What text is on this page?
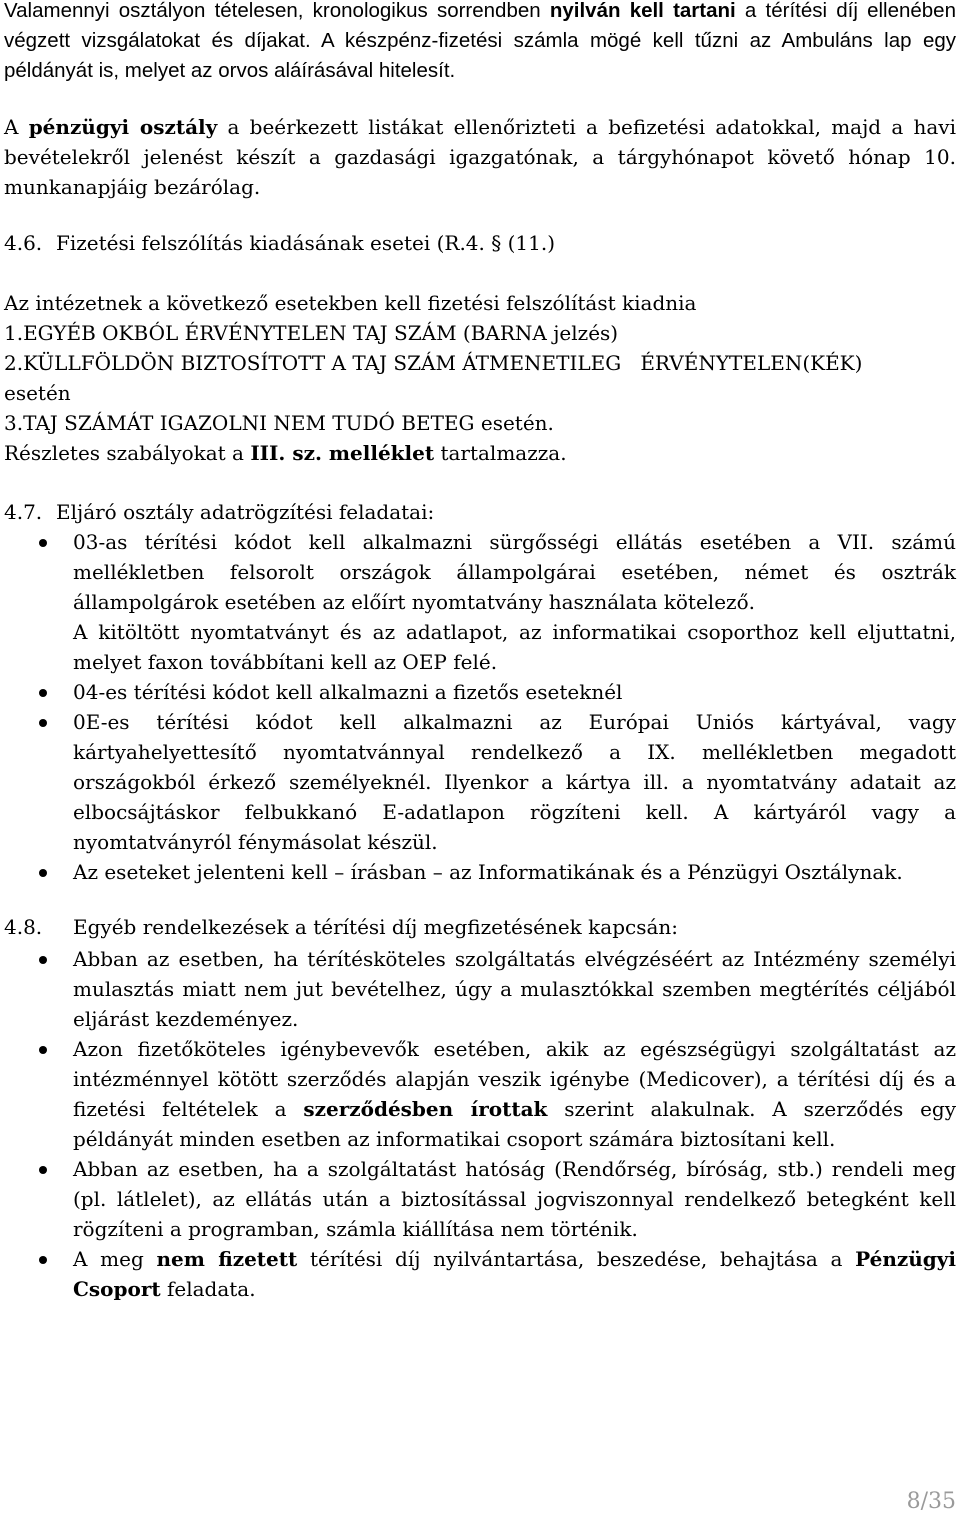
Valamennyi osztályon tételesen, kronologikus sorrendben nyilván kell tartani a térítési díj ellenében végzett vizsgálatokat és díjakat. A készpénz-fizetési számla mögé kell tűzni az Ambuláns lap egy példányát is, melyet az orvos aláírásával hitelesít.
A pénzügyi osztály a beérkezett listákat ellenőrizteti a befizetési adatokkal, majd a havi bevételekről jelenést készít a gazdasági igazgatónak, a tárgyhónapot követő hónap 10. munkanapjáig bezárólag.
4.6. Fizetési felszólítás kiadásának esetei (R.4. § (11.)
Az intézetnek a következő esetekben kell fizetési felszólítást kiadnia
1.EGYÉB OKBÓL ÉRVÉNYTELEN TAJ SZÁM (BARNA jelzés)
2.KÜLLFÖLDÖN BIZTOSÍTOTT A TAJ SZÁM ÁTMENETILEG   ÉRVÉNYTELEN(KÉK)
esetén
3.TAJ SZÁMÁT IGAZOLNI NEM TUDÓ BETEG esetén.
Részletes szabályokat a III. sz. melléklet tartalmazza.
4.7. Eljáró osztály adatrögzítési feladatai:

03-as térítési kódot kell alkalmazni sürgősségi ellátás esetében a VII. számú mellékletben felsorolt országok állampolgárai esetében, német és osztrák állampolgárok esetében az előírt nyomtatvány használata kötelező.

A kitöltött nyomtatványt és az adatlapot, az informatikai csoporthoz kell eljuttatni, melyet faxon továbbítani kell az OEP felé.

04-es térítési kódot kell alkalmazni a fizetős eseteknél

0E-es térítési kódot kell alkalmazni az Európai Uniós kártyával, vagy kártyahelyettesítő nyomtatvánnyal rendelkező a IX. mellékletben megadott országokból érkező személyeknél. Ilyenkor a kártya ill. a nyomtatvány adatait az elbocsájtáskor felbukkanó E-adatlapon rögzíteni kell. A kártyáról vagy a nyomtatványról fénymásolat készül.

Az eseteket jelenteni kell – írásban – az Informatikának és a Pénzügyi Osztálynak.

4.8. Egyéb rendelkezések a térítési díj megfizetésének kapcsán:

Abban az esetben, ha térítésköteles szolgáltatás elvégzéséért az Intézmény személyi mulasztás miatt nem jut bevételhez, úgy a mulasztókkal szemben megtérítés céljából eljárást kezdeményez.

Azon fizetőköteles igénybevevők esetében, akik az egészségügyi szolgáltatást az intézménnyel kötött szerződés alapján veszik igénybe (Medicover), a térítési díj és a fizetési feltételek a szerződésben írottak szerint alakulnak. A szerződés egy példányát minden esetben az informatikai csoport számára biztosítani kell.

Abban az esetben, ha a szolgáltatást hatóság (Rendőrség, bíróság, stb.) rendeli meg (pl. látlelet), az ellátás után a biztosítással jogviszonnyal rendelkező betegként kell rögzíteni a programban, számla kiállítása nem történik.

A meg nem fizetett térítési díj nyilvántartása, beszedése, behajtása a Pénzügyi Csoport feladata.

8/35
